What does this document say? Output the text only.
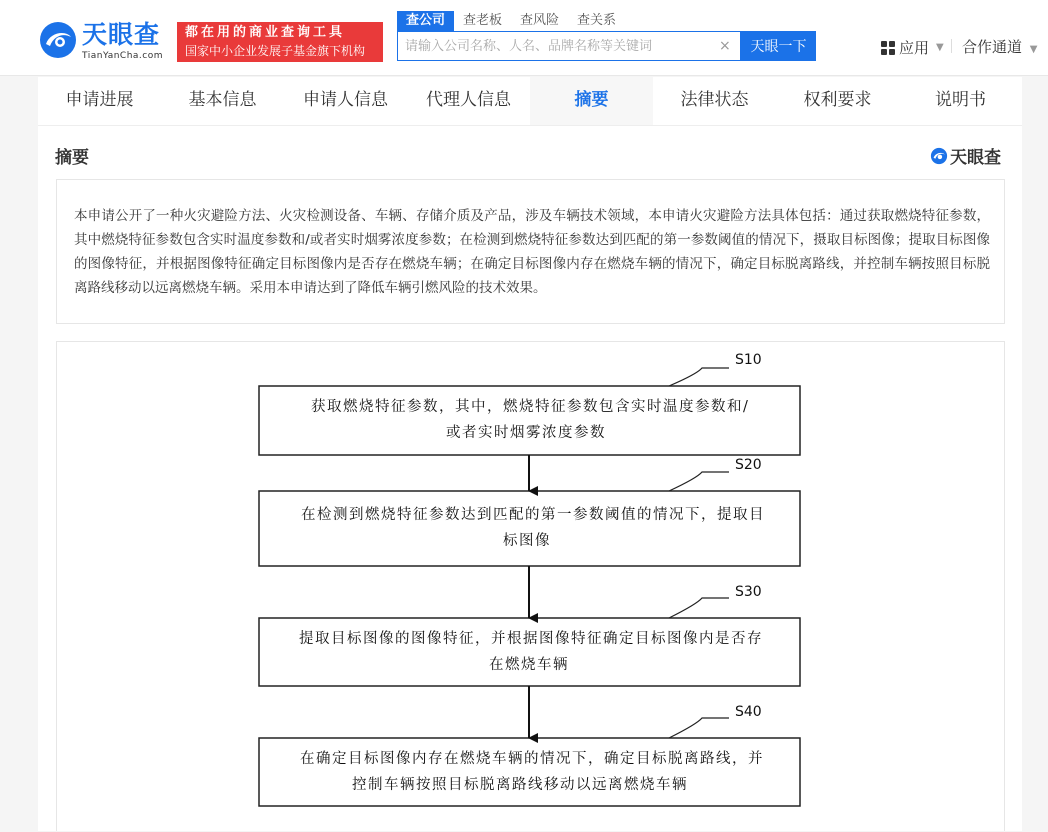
天眼查
TianYanCha.com
都在用的商业查询工具
国家中小企业发展子基金旗下机构
查公司	查老板	查风险	查关系
请输入公司名称、人名、品牌名称等关键词
×	天眼一下	应用 ▼ 合作通道 ▼
申请进展	基本信息	申请人信息	代理人信息	摘要	法律状态	权利要求	说明书
摘要	天眼查
本申请公开了一种火灾避险方法、火灾检测设备、车辆、存储介质及产品，涉及车辆技术领域，本申请火灾避险方法具体包括：通过获取燃烧特征参数，其中燃烧特征参数包含实时温度参数和/或者实时烟雾浓度参数；在检测到燃烧特征参数达到匹配的第一参数阈值的情况下，摄取目标图像；提取目标图像的图像特征，并根据图像特征确定目标图像内是否存在燃烧车辆；在确定目标图像内存在燃烧车辆的情况下，确定目标脱离路线，并控制车辆按照目标脱离路线移动以远离燃烧车辆。采用本申请达到了降低车辆引燃风险的技术效果。
S10
S20
S30
S40
获取燃烧特征参数，其中，燃烧特征参数包含实时温度参数和/
或者实时烟雾浓度参数
在检测到燃烧特征参数达到匹配的第一参数阈值的情况下，提取目
标图像
提取目标图像的图像特征，并根据图像特征确定目标图像内是否存
在燃烧车辆
在确定目标图像内存在燃烧车辆的情况下，确定目标脱离路线，并
控制车辆按照目标脱离路线移动以远离燃烧车辆
